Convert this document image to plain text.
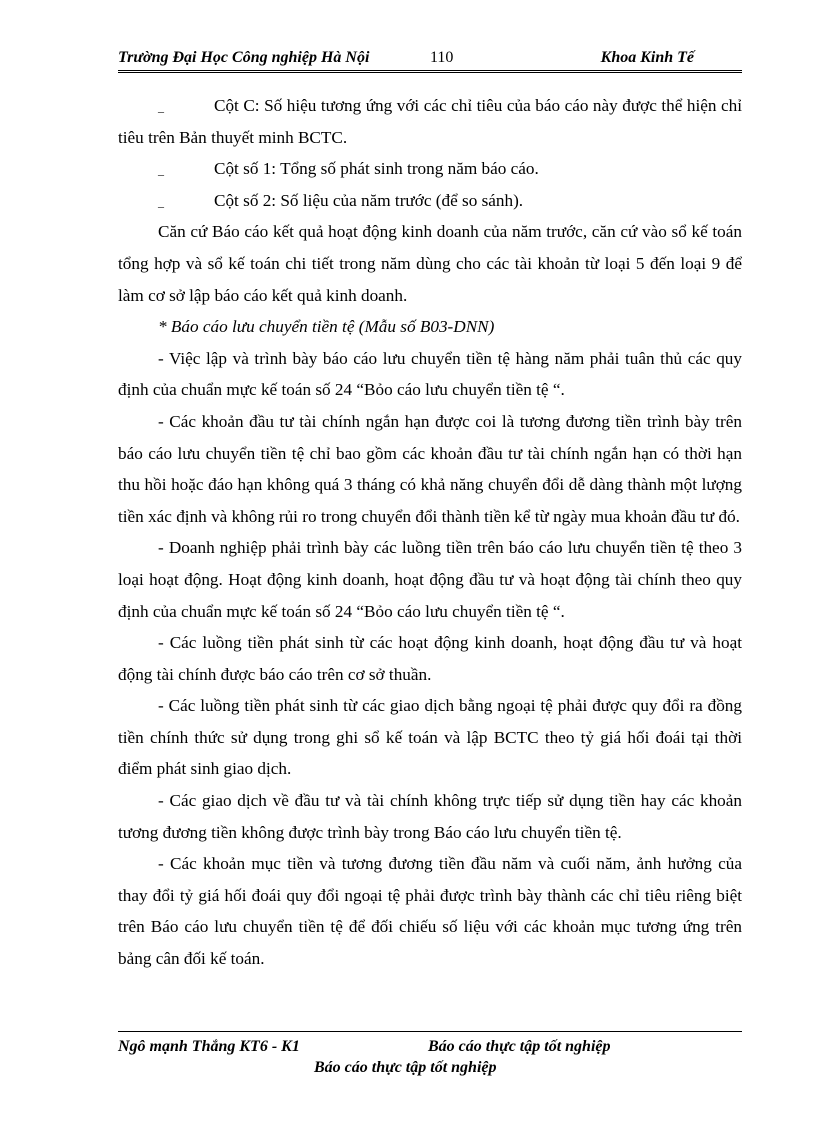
Trường Đại Học Công nghiệp Hà Nội	110	Khoa Kinh Tế

_	Cột C: Số hiệu tương ứng với các chỉ tiêu của báo cáo này được thể hiện chỉ tiêu trên Bản thuyết minh BCTC.

_	Cột số 1: Tổng số phát sinh trong năm báo cáo.

_	Cột số 2: Số liệu của năm trước (để so sánh).

Căn cứ Báo cáo kết quả hoạt động kinh doanh của năm trước, căn cứ vào sổ kế toán tổng hợp và sổ kế toán chi tiết trong năm dùng cho các tài khoản từ loại 5 đến loại 9 để làm cơ sở lập báo cáo kết quả kinh doanh.

* Báo cáo lưu chuyển tiền tệ (Mẫu số B03-DNN)

- Việc lập và trình bày báo cáo lưu chuyển tiền tệ hàng năm phải tuân thủ các quy định của chuẩn mực kế toán số 24 “Bỏo cáo lưu chuyển tiền tệ “.

- Các khoản đầu tư tài chính ngắn hạn được coi là tương đương tiền trình bày trên báo cáo lưu chuyển tiền tệ chỉ bao gồm các khoản đầu tư tài chính ngắn hạn có thời hạn thu hồi hoặc đáo hạn không quá 3 tháng có khả năng chuyển đổi dễ dàng thành một lượng tiền xác định và không rủi ro trong chuyển đổi thành tiền kể từ ngày mua khoản đầu tư đó.

- Doanh nghiệp phải trình bày các luồng tiền trên báo cáo lưu chuyển tiền tệ theo 3 loại hoạt động. Hoạt động kinh doanh, hoạt động đầu tư và hoạt động tài chính theo quy định của chuẩn mực kế toán số 24 “Bỏo cáo lưu chuyển tiền tệ “.

- Các luồng tiền phát sinh từ các hoạt động kinh doanh, hoạt động đầu tư và hoạt động tài chính được báo cáo trên cơ sở thuần.

- Các luồng tiền phát sinh từ các giao dịch bằng ngoại tệ phải được quy đổi ra đồng tiền chính thức sử dụng trong ghi sổ kế toán và lập BCTC theo tỷ giá hối đoái tại thời điểm phát sinh giao dịch.

- Các giao dịch về đầu tư và tài chính không trực tiếp sử dụng tiền hay các khoản tương đương tiền không được trình bày trong Báo cáo lưu chuyển tiền tệ.

- Các khoản mục tiền và tương đương tiền đầu năm và cuối năm, ảnh hưởng của thay đổi tỷ giá hối đoái quy đổi ngoại tệ phải được trình bày thành các chỉ tiêu riêng biệt trên Báo cáo lưu chuyển tiền tệ để đối chiếu số liệu với các khoản mục tương ứng trên bảng cân đối kế toán.

Ngô mạnh Thắng KT6 - K1	Báo cáo thực tập tốt nghiệp
Báo cáo thực tập tốt nghiệp
